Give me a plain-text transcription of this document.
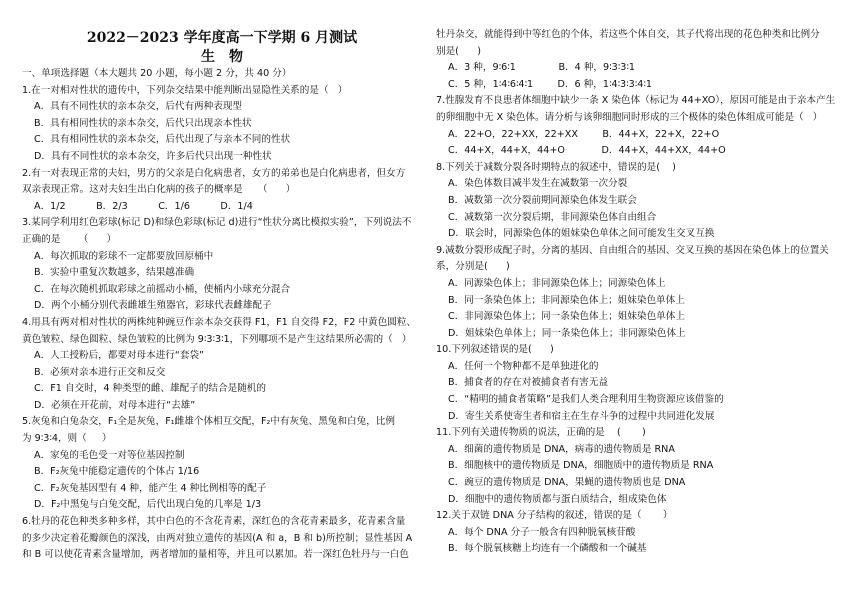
2022－2023 学年度高一下学期 6 月测试
生物
一、单项选择题（本大题共 20 小题，每小题 2 分，共 40 分）
1.在一对相对性状的遗传中，下列杂交结果中能判断出显隐性关系的是（   ）
A．具有不同性状的亲本杂交，后代有两种表现型
B．具有相同性状的亲本杂交，后代只出现亲本性状
C．具有相同性状的亲本杂交，后代出现了与亲本不同的性状
D．具有不同性状的亲本杂交，许多后代只出现一种性状
2.有一对表现正常的夫妇，男方的父亲是白化病患者，女方的弟弟也是白化病患者，但女方
双亲表现正常。这对夫妇生出白化病的孩子的概率是     （      ）
A．1/2          B．2/3          C．1/6          D．1/4
3.某同学利用红色彩球(标记 D)和绿色彩球(标记 d)进行“性状分离比模拟实验”，下列说法不
正确的是      （      ）
A．每次抓取的彩球不一定都要放回原桶中
B．实验中重复次数越多，结果越准确
C．在每次随机抓取彩球之前摇动小桶，使桶内小球充分混合
D．两个小桶分别代表雌雄生殖器官，彩球代表雌雄配子
4.用具有两对相对性状的两株纯种豌豆作亲本杂交获得 F1，F1 自交得 F2，F2 中黄色圆粒、
黄色皱粒、绿色圆粒、绿色皱粒的比例为 9∶3∶3∶1，下列哪项不是产生这结果所必需的（   ）
A．人工授粉后，都要对母本进行“套袋”
B．必须对亲本进行正交和反交
C．F1 自交时，4 种类型的雌、雄配子的结合是随机的
D．必须在开花前，对母本进行“去雄”
5.灰兔和白兔杂交，F₁全是灰兔，F₁雌雄个体相互交配，F₂中有灰兔、黑兔和白兔，比例
为 9∶3∶4，则（     ）
A．家兔的毛色受一对等位基因控制
B．F₂灰兔中能稳定遗传的个体占 1/16
C．F₂灰兔基因型有 4 种，能产生 4 种比例相等的配子
D．F₂中黑兔与白兔交配，后代出现白兔的几率是 1/3
6.牡丹的花色种类多种多样，其中白色的不含花青素，深红色的含花青素最多，花青素含量
的多少决定着花瓣颜色的深浅，由两对独立遗传的基因(A 和 a，B 和 b)所控制；显性基因 A
和 B 可以使花青素含量增加，两者增加的量相等，并且可以累加。若一深红色牡丹与一白色
牡丹杂交，就能得到中等红色的个体，若这些个体自交，其子代将出现的花色种类和比例分
别是(      )
A．3 种，9∶6∶1              B．4 种，9∶3∶3∶1
C．5 种，1∶4∶6∶4∶1        D．6 种，1∶4∶3∶3∶4∶1
7.性腺发育不良患者体细胞中缺少一条 X 染色体（标记为 44+XO），原因可能是由于亲本产生
的卵细胞中无 X 染色体。请分析与该卵细胞同时形成的三个极体的染色体组成可能是（   ）
A．22+O，22+XX，22+XX        B．44+X，22+X，22+O
C．44+X，44+X，44+O            D．44+X，44+XX，44+O
8.下列关于减数分裂各时期特点的叙述中，错误的是(    )
A．染色体数目减半发生在减数第一次分裂
B．减数第一次分裂前期同源染色体发生联会
C．减数第一次分裂后期，非同源染色体自由组合
D．联会时，同源染色体的姐妹染色单体之间可能发生交叉互换
9.减数分裂形成配子时，分离的基因、自由组合的基因、交叉互换的基因在染色体上的位置关
系，分别是(      )
A．同源染色体上；非同源染色体上；同源染色体上
B．同一条染色体上；非同源染色体上；姐妹染色单体上
C．非同源染色体上；同一条染色体上；姐妹染色单体上
D．姐妹染色单体上；同一条染色体上；非同源染色体上
10.下列叙述错误的是(      )
A．任何一个物种都不是单独进化的
B．捕食者的存在对被捕食者有害无益
C．“精明的捕食者策略”是我们人类合理利用生物资源应该借鉴的
D．寄生关系使寄生者和宿主在生存斗争的过程中共同进化发展
11.下列有关遗传物质的说法，正确的是    (       )
A．细菌的遗传物质是 DNA，病毒的遗传物质是 RNA
B．细胞核中的遗传物质是 DNA，细胞质中的遗传物质是 RNA
C．豌豆的遗传物质是 DNA，果蝇的遗传物质也是 DNA
D．细胞中的遗传物质都与蛋白质结合，组成染色体
12.关于双链 DNA 分子结构的叙述，错误的是（       ）
A．每个 DNA 分子一般含有四种脱氧核苷酸
B．每个脱氧核糖上均连有一个磷酸和一个碱基
